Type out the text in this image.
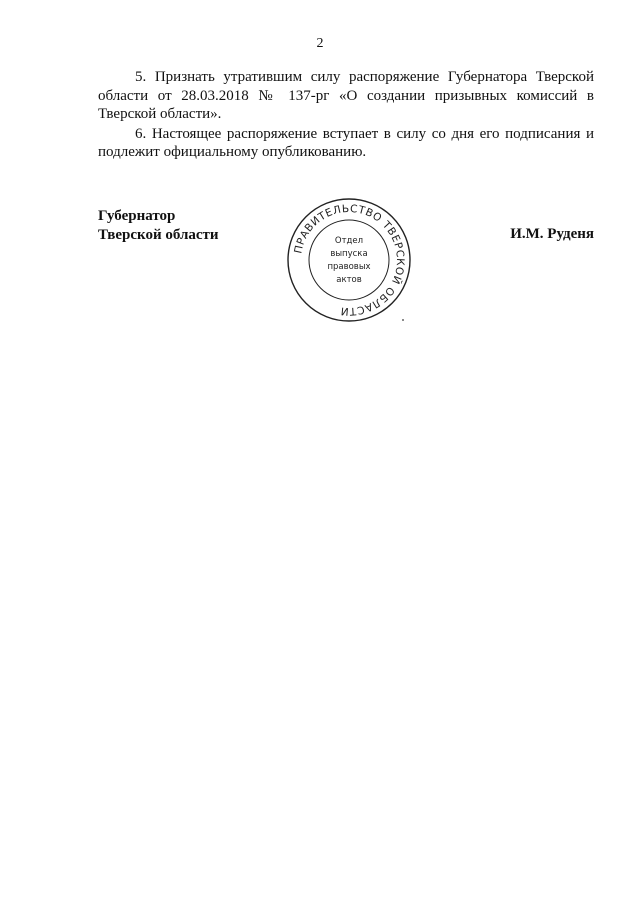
2

5. Признать утратившим силу распоряжение Губернатора Тверской области от 28.03.2018 № 137-рг «О создании призывных комиссий в Тверской области».

6. Настоящее распоряжение вступает в силу со дня его подписания и подлежит официальному опубликованию.

Губернатор
Тверской области	И.М. Руденя
ПРАВИТЕЛЬСТВО ТВЕРСКОЙ ОБЛАСТИ
Отдел
выпуска
правовых
актов
